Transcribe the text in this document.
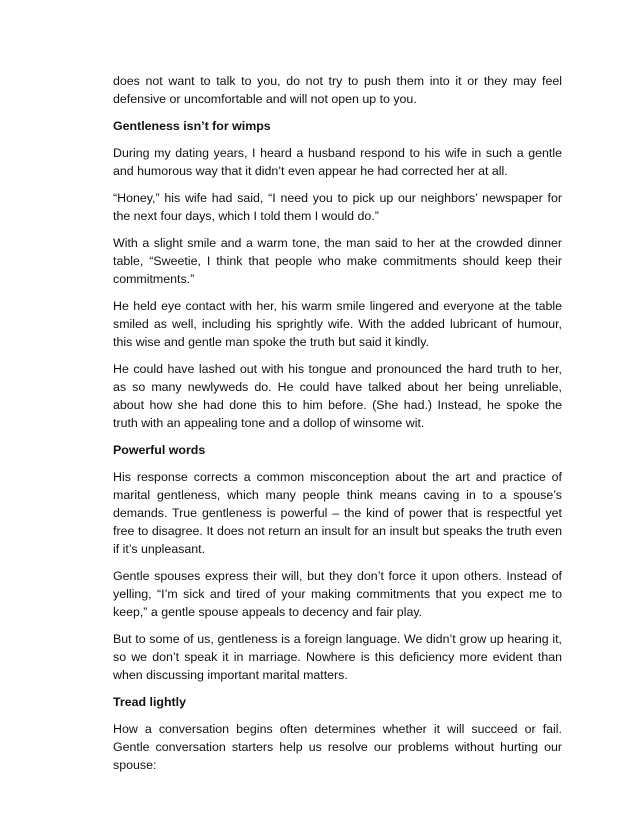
does not want to talk to you, do not try to push them into it or they may feel defensive or uncomfortable and will not open up to you.

Gentleness isn’t for wimps

During my dating years, I heard a husband respond to his wife in such a gentle and humorous way that it didn’t even appear he had corrected her at all.

“Honey,” his wife had said, “I need you to pick up our neighbors’ newspaper for the next four days, which I told them I would do.”

With a slight smile and a warm tone, the man said to her at the crowded dinner table, “Sweetie, I think that people who make commitments should keep their commitments.”

He held eye contact with her, his warm smile lingered and everyone at the table smiled as well, including his sprightly wife. With the added lubricant of humour, this wise and gentle man spoke the truth but said it kindly.

He could have lashed out with his tongue and pronounced the hard truth to her, as so many newlyweds do. He could have talked about her being unreliable, about how she had done this to him before. (She had.) Instead, he spoke the truth with an appealing tone and a dollop of winsome wit.

Powerful words

His response corrects a common misconception about the art and practice of marital gentleness, which many people think means caving in to a spouse’s demands. True gentleness is powerful – the kind of power that is respectful yet free to disagree. It does not return an insult for an insult but speaks the truth even if it’s unpleasant.

Gentle spouses express their will, but they don’t force it upon others. Instead of yelling, “I’m sick and tired of your making commitments that you expect me to keep,” a gentle spouse appeals to decency and fair play.

But to some of us, gentleness is a foreign language. We didn’t grow up hearing it, so we don’t speak it in marriage. Nowhere is this deficiency more evident than when discussing important marital matters.

Tread lightly

How a conversation begins often determines whether it will succeed or fail. Gentle conversation starters help us resolve our problems without hurting our spouse:
